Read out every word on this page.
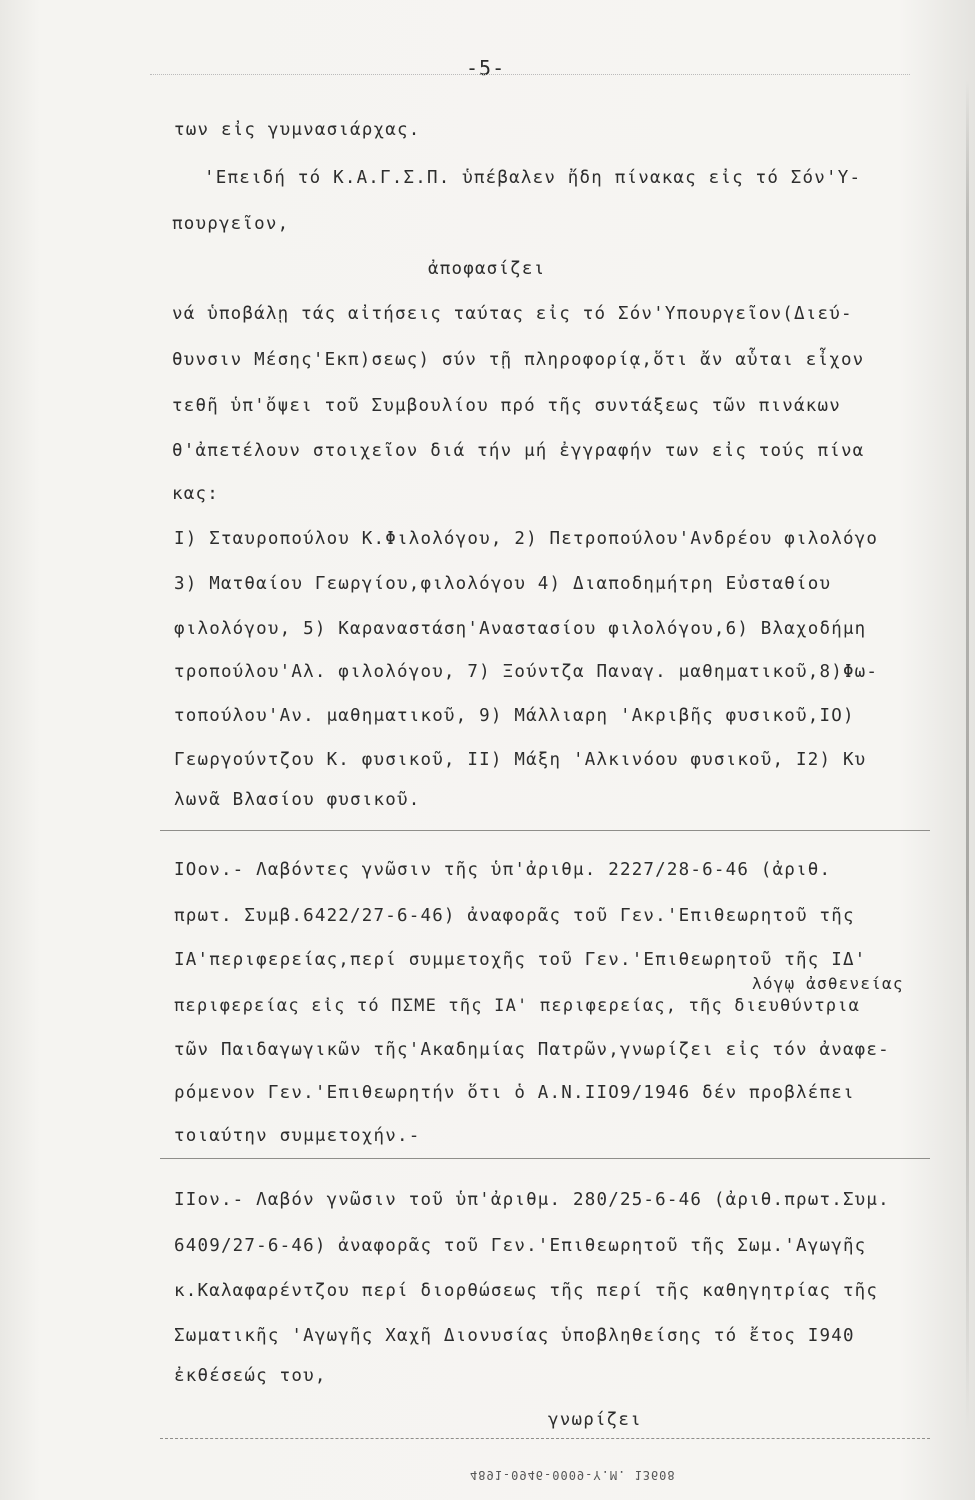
-5-
των εἰς γυμνασιάρχας.
'Επειδή τό Κ.Α.Γ.Σ.Π. ὑπέβαλεν ἤδη πίνακας εἰς τό Σόν'Υ-
πουργεῖον,
ἀποφασίζει
νά ὑποβάλῃ τάς αἰτήσεις ταύτας εἰς τό Σόν'Υπουργεῖον(Διεύ-
θυνσιν Μέσης'Εκπ)σεως) σύν τῇ πληροφορίᾳ,ὅτι ἄν αὗται εἶχον
τεθῆ ὑπ'ὄψει τοῦ Συμβουλίου πρό τῆς συντάξεως τῶν πινάκων
θ'ἀπετέλουν στοιχεῖον διά τήν μή ἐγγραφήν των εἰς τούς πίνα
κας:
I) Σταυροπούλου Κ.Φιλολόγου, 2) Πετροπούλου'Ανδρέου φιλολόγο
3) Ματθαίου Γεωργίου,φιλολόγου 4) Διαποδημήτρη Εὐσταθίου
φιλολόγου, 5) Καραναστάση'Αναστασίου φιλολόγου,6) Βλαχοδήμη
τροπούλου'Αλ. φιλολόγου, 7) Ξούντζα Παναγ. μαθηματικοῦ,8)Φω-
τοπούλου'Αν. μαθηματικοῦ, 9) Μάλλιαρη 'Ακριβῆς φυσικοῦ,IO)
Γεωργούντζου Κ. φυσικοῦ, II) Μάξη 'Αλκινόου φυσικοῦ, I2) Κυ
λωνᾶ Βλασίου φυσικοῦ.
IOον.- Λαβόντες γνῶσιν τῆς ὑπ'ἀριθμ. 2227/28-6-46 (ἀριθ.
πρωτ. Συμβ.6422/27-6-46) ἀναφορᾶς τοῦ Γεν.'Επιθεωρητοῦ τῆς
ΙΑ'περιφερείας,περί συμμετοχῆς τοῦ Γεν.'Επιθεωρητοῦ τῆς ΙΔ'
λόγῳ ἀσθενείας
περιφερείας εἰς τό ΠΣΜΕ τῆς ΙΑ' περιφερείας, τῆς διευθύντρια
τῶν Παιδαγωγικῶν τῆς'Ακαδημίας Πατρῶν,γνωρίζει εἰς τόν ἀναφε-
ρόμενον Γεν.'Επιθεωρητήν ὅτι ὁ Α.Ν.ΙΙΟ9/1946 δέν προβλέπει
τοιαύτην συμμετοχήν.-
IIον.- Λαβόν γνῶσιν τοῦ ὑπ'ἀριθμ. 280/25-6-46 (ἀριθ.πρωτ.Συμ.
6409/27-6-46) ἀναφορᾶς τοῦ Γεν.'Επιθεωρητοῦ τῆς Σωμ.'Αγωγῆς
κ.Καλαφαρέντζου περί διορθώσεως τῆς περί τῆς καθηγητρίας τῆς
Σωματικῆς 'Αγωγῆς Χαχῆ Διονυσίας ὑποβληθείσης τό ἔτος I940
ἐκθέσεώς του,
γνωρίζει
4891-0946-0009-Υ.Μ. 13608
